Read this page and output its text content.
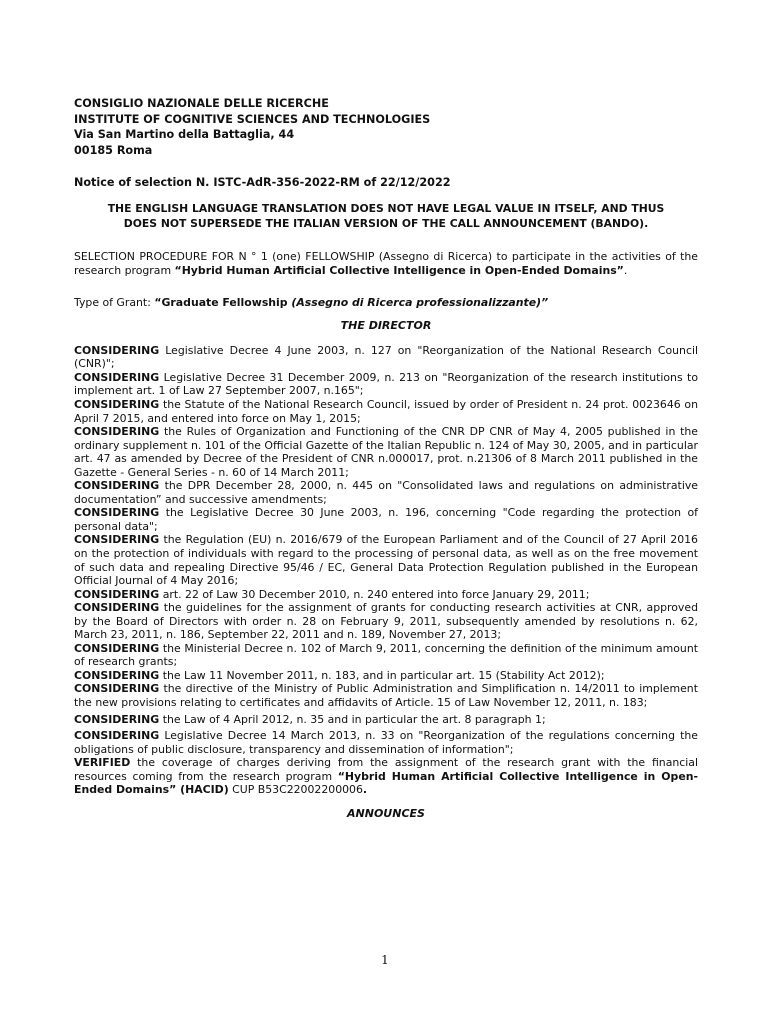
CONSIGLIO NAZIONALE DELLE RICERCHE
INSTITUTE OF COGNITIVE SCIENCES AND TECHNOLOGIES
Via San Martino della Battaglia, 44
00185 Roma
Notice of selection N. ISTC-AdR-356-2022-RM of 22/12/2022
THE ENGLISH LANGUAGE TRANSLATION DOES NOT HAVE LEGAL VALUE IN ITSELF, AND THUS
DOES NOT SUPERSEDE THE ITALIAN VERSION OF THE CALL ANNOUNCEMENT (BANDO).
SELECTION PROCEDURE FOR N ° 1 (one) FELLOWSHIP (Assegno di Ricerca) to participate in the activities of the research program “Hybrid Human Artificial Collective Intelligence in Open-Ended Domains”.
Type of Grant: “Graduate Fellowship (Assegno di Ricerca professionalizzante)”
THE DIRECTOR
CONSIDERING Legislative Decree 4 June 2003, n. 127 on "Reorganization of the National Research Council (CNR)";
CONSIDERING Legislative Decree 31 December 2009, n. 213 on "Reorganization of the research institutions to implement art. 1 of Law 27 September 2007, n.165";
CONSIDERING the Statute of the National Research Council, issued by order of President n. 24 prot. 0023646 on April 7 2015, and entered into force on May 1, 2015;
CONSIDERING the Rules of Organization and Functioning of the CNR DP CNR of May 4, 2005 published in the ordinary supplement n. 101 of the Official Gazette of the Italian Republic n. 124 of May 30, 2005, and in particular art. 47 as amended by Decree of the President of CNR n.000017, prot. n.21306 of 8 March 2011 published in the Gazette - General Series - n. 60 of 14 March 2011;
CONSIDERING the DPR December 28, 2000, n. 445 on "Consolidated laws and regulations on administrative documentation” and successive amendments;
CONSIDERING the Legislative Decree 30 June 2003, n. 196, concerning "Code regarding the protection of personal data";
CONSIDERING the Regulation (EU) n. 2016/679 of the European Parliament and of the Council of 27 April 2016 on the protection of individuals with regard to the processing of personal data, as well as on the free movement of such data and repealing Directive 95/46 / EC, General Data Protection Regulation published in the European Official Journal of 4 May 2016;
CONSIDERING art. 22 of Law 30 December 2010, n. 240 entered into force January 29, 2011;
CONSIDERING the guidelines for the assignment of grants for conducting research activities at CNR, approved by the Board of Directors with order n. 28 on February 9, 2011, subsequently amended by resolutions n. 62, March 23, 2011, n. 186, September 22, 2011 and n. 189, November 27, 2013;
CONSIDERING the Ministerial Decree n. 102 of March 9, 2011, concerning the definition of the minimum amount of research grants;
CONSIDERING the Law 11 November 2011, n. 183, and in particular art. 15 (Stability Act 2012);
CONSIDERING the directive of the Ministry of Public Administration and Simplification n. 14/2011 to implement the new provisions relating to certificates and affidavits of Article. 15 of Law November 12, 2011, n. 183;
CONSIDERING the Law of 4 April 2012, n. 35 and in particular the art. 8 paragraph 1;
CONSIDERING Legislative Decree 14 March 2013, n. 33 on "Reorganization of the regulations concerning the obligations of public disclosure, transparency and dissemination of information";
VERIFIED the coverage of charges deriving from the assignment of the research grant with the financial resources coming from the research program “Hybrid Human Artificial Collective Intelligence in Open-Ended Domains” (HACID) CUP B53C22002200006.
ANNOUNCES
1
